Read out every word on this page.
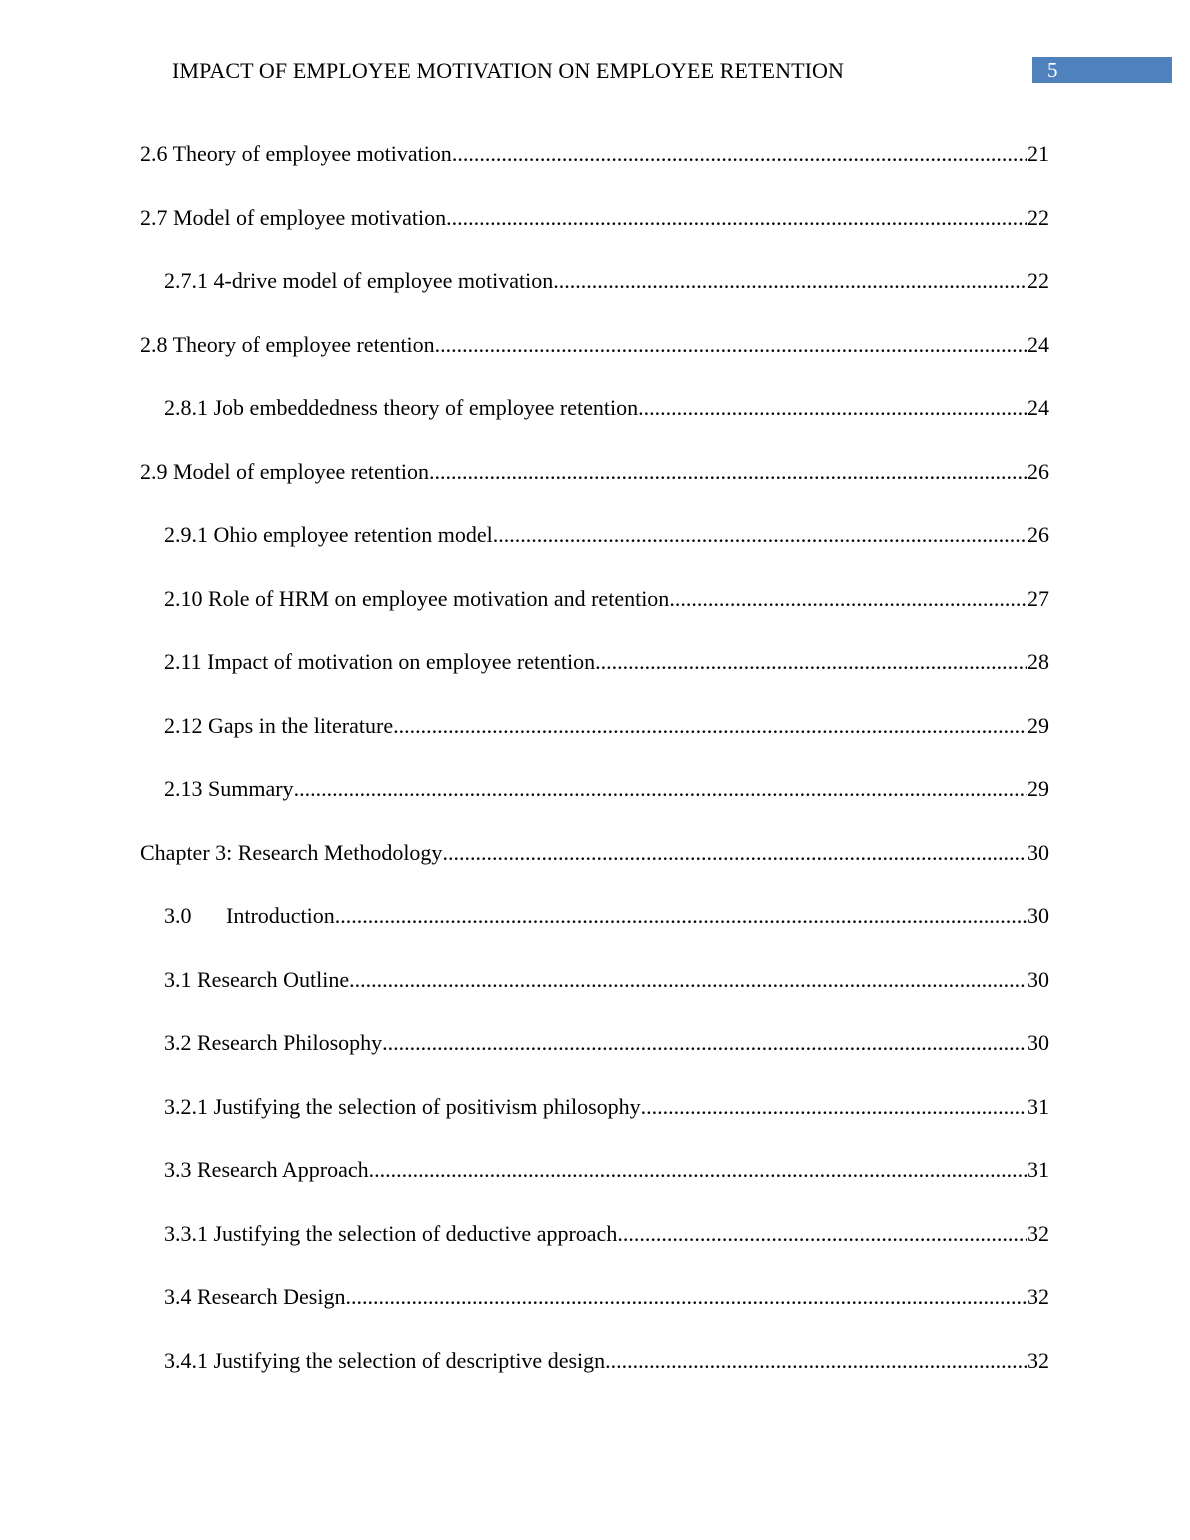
IMPACT OF EMPLOYEE MOTIVATION ON EMPLOYEE RETENTION	5
2.6 Theory of employee motivation .....	21
2.7 Model of employee motivation .....	22
2.7.1 4-drive model of employee motivation .....	22
2.8 Theory of employee retention .....	24
2.8.1 Job embeddedness theory of employee retention .....	24
2.9 Model of employee retention .....	26
2.9.1 Ohio employee retention model .....	26
2.10 Role of HRM on employee motivation and retention .....	27
2.11 Impact of motivation on employee retention .....	28
2.12 Gaps in the literature .....	29
2.13 Summary .....	29
Chapter 3: Research Methodology .....	30
3.0 Introduction .....	30
3.1 Research Outline .....	30
3.2 Research Philosophy .....	30
3.2.1 Justifying the selection of positivism philosophy .....	31
3.3 Research Approach .....	31
3.3.1 Justifying the selection of deductive approach .....	32
3.4 Research Design .....	32
3.4.1 Justifying the selection of descriptive design .....	32
